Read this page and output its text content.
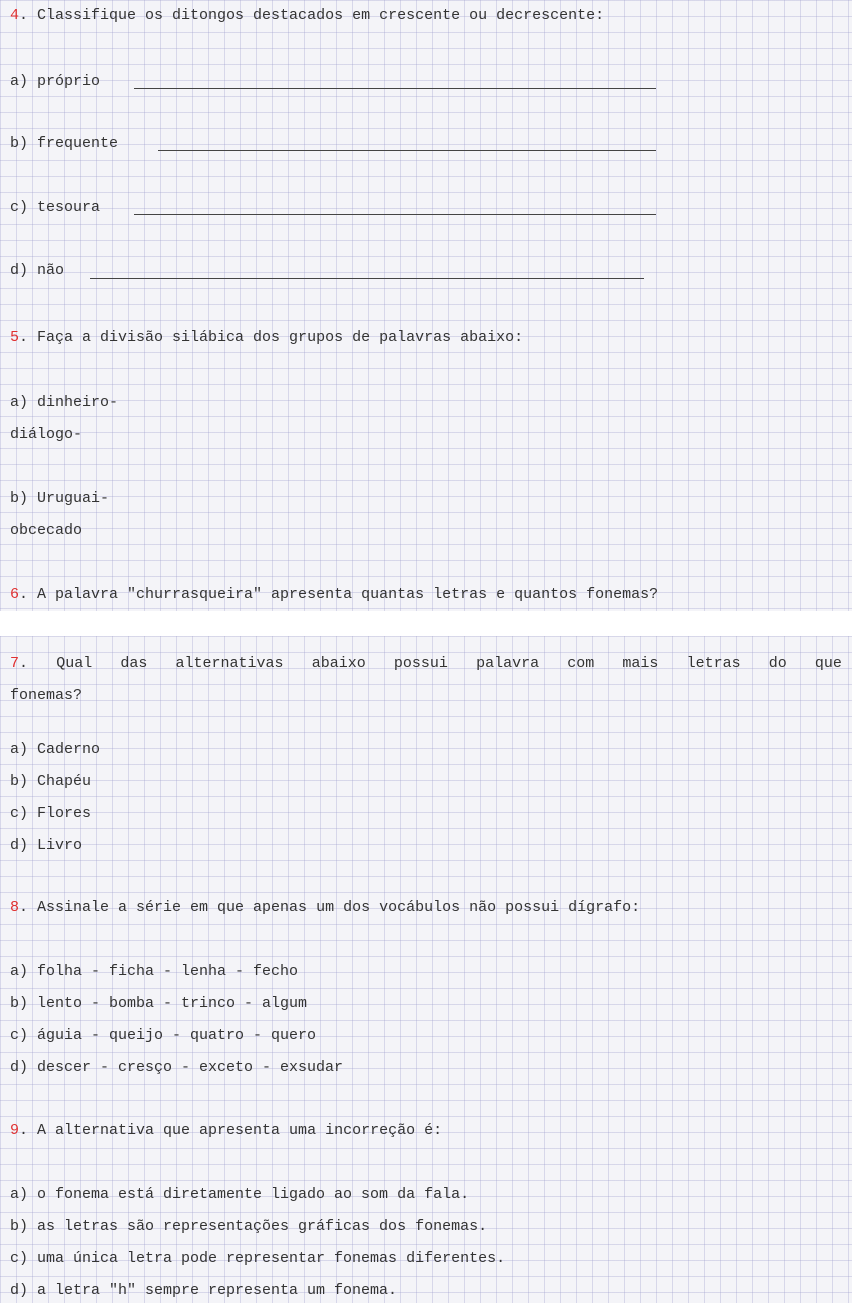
4. Classifique os ditongos destacados em crescente ou decrescente:
a) próprio
b) frequente
c) tesoura
d) não
5. Faça a divisão silábica dos grupos de palavras abaixo:
a) dinheiro-
diálogo-
b) Uruguai-
obcecado
6. A palavra "churrasqueira" apresenta quantas letras e quantos fonemas?
7. Qual das alternativas abaixo possui palavra com mais letras do que
fonemas?
a) Caderno
b) Chapéu
c) Flores
d) Livro
8. Assinale a série em que apenas um dos vocábulos não possui dígrafo:
a) folha - ficha - lenha - fecho
b) lento - bomba - trinco - algum
c) águia - queijo - quatro - quero
d) descer - cresço - exceto - exsudar
9. A alternativa que apresenta uma incorreção é:
a) o fonema está diretamente ligado ao som da fala.
b) as letras são representações gráficas dos fonemas.
c) uma única letra pode representar fonemas diferentes.
d) a letra "h" sempre representa um fonema.
